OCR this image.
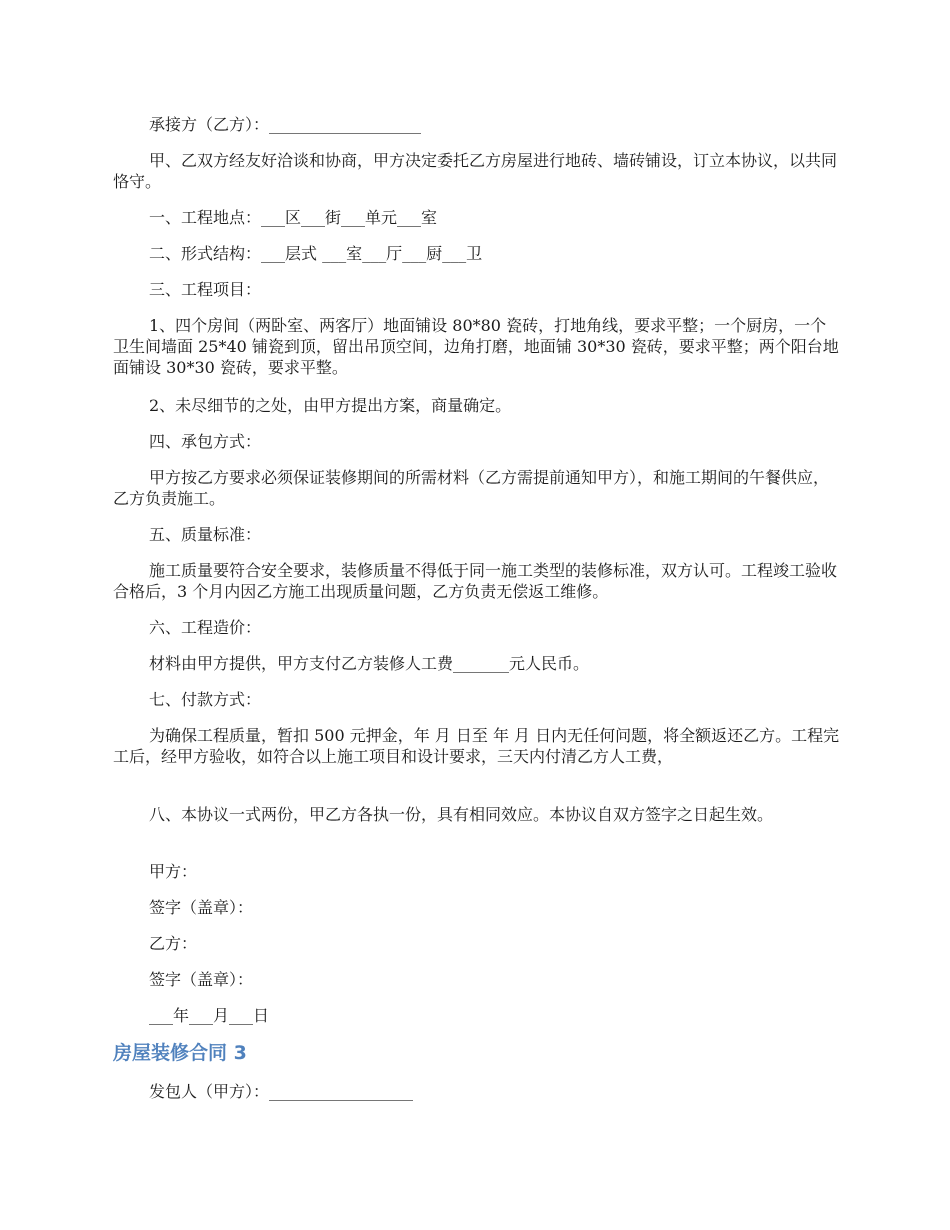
承接方（乙方）：___________________

甲、乙双方经友好洽谈和协商，甲方决定委托乙方房屋进行地砖、墙砖铺设，订立本协议，以共同恪守。

一、工程地点：___区___街___单元___室

二、形式结构：___层式 ___室___厅___厨___卫

三、工程项目：

1、四个房间（两卧室、两客厅）地面铺设 80*80 瓷砖，打地角线，要求平整；一个厨房，一个卫生间墙面 25*40 铺瓷到顶，留出吊顶空间，边角打磨，地面铺 30*30 瓷砖，要求平整；两个阳台地面铺设 30*30 瓷砖，要求平整。

2、未尽细节的之处，由甲方提出方案，商量确定。

四、承包方式：

甲方按乙方要求必须保证装修期间的所需材料（乙方需提前通知甲方），和施工期间的午餐供应，乙方负责施工。

五、质量标准：

施工质量要符合安全要求，装修质量不得低于同一施工类型的装修标准，双方认可。工程竣工验收合格后，3 个月内因乙方施工出现质量问题，乙方负责无偿返工维修。

六、工程造价：

材料由甲方提供，甲方支付乙方装修人工费_______元人民币。

七、付款方式：

为确保工程质量，暂扣 500 元押金，年 月 日至 年 月 日内无任何问题，将全额返还乙方。工程完工后，经甲方验收，如符合以上施工项目和设计要求，三天内付清乙方人工费，

八、本协议一式两份，甲乙方各执一份，具有相同效应。本协议自双方签字之日起生效。

甲方：

签字（盖章）：

乙方：

签字（盖章）：

___年___月___日

房屋装修合同 3

发包人（甲方）：__________________
